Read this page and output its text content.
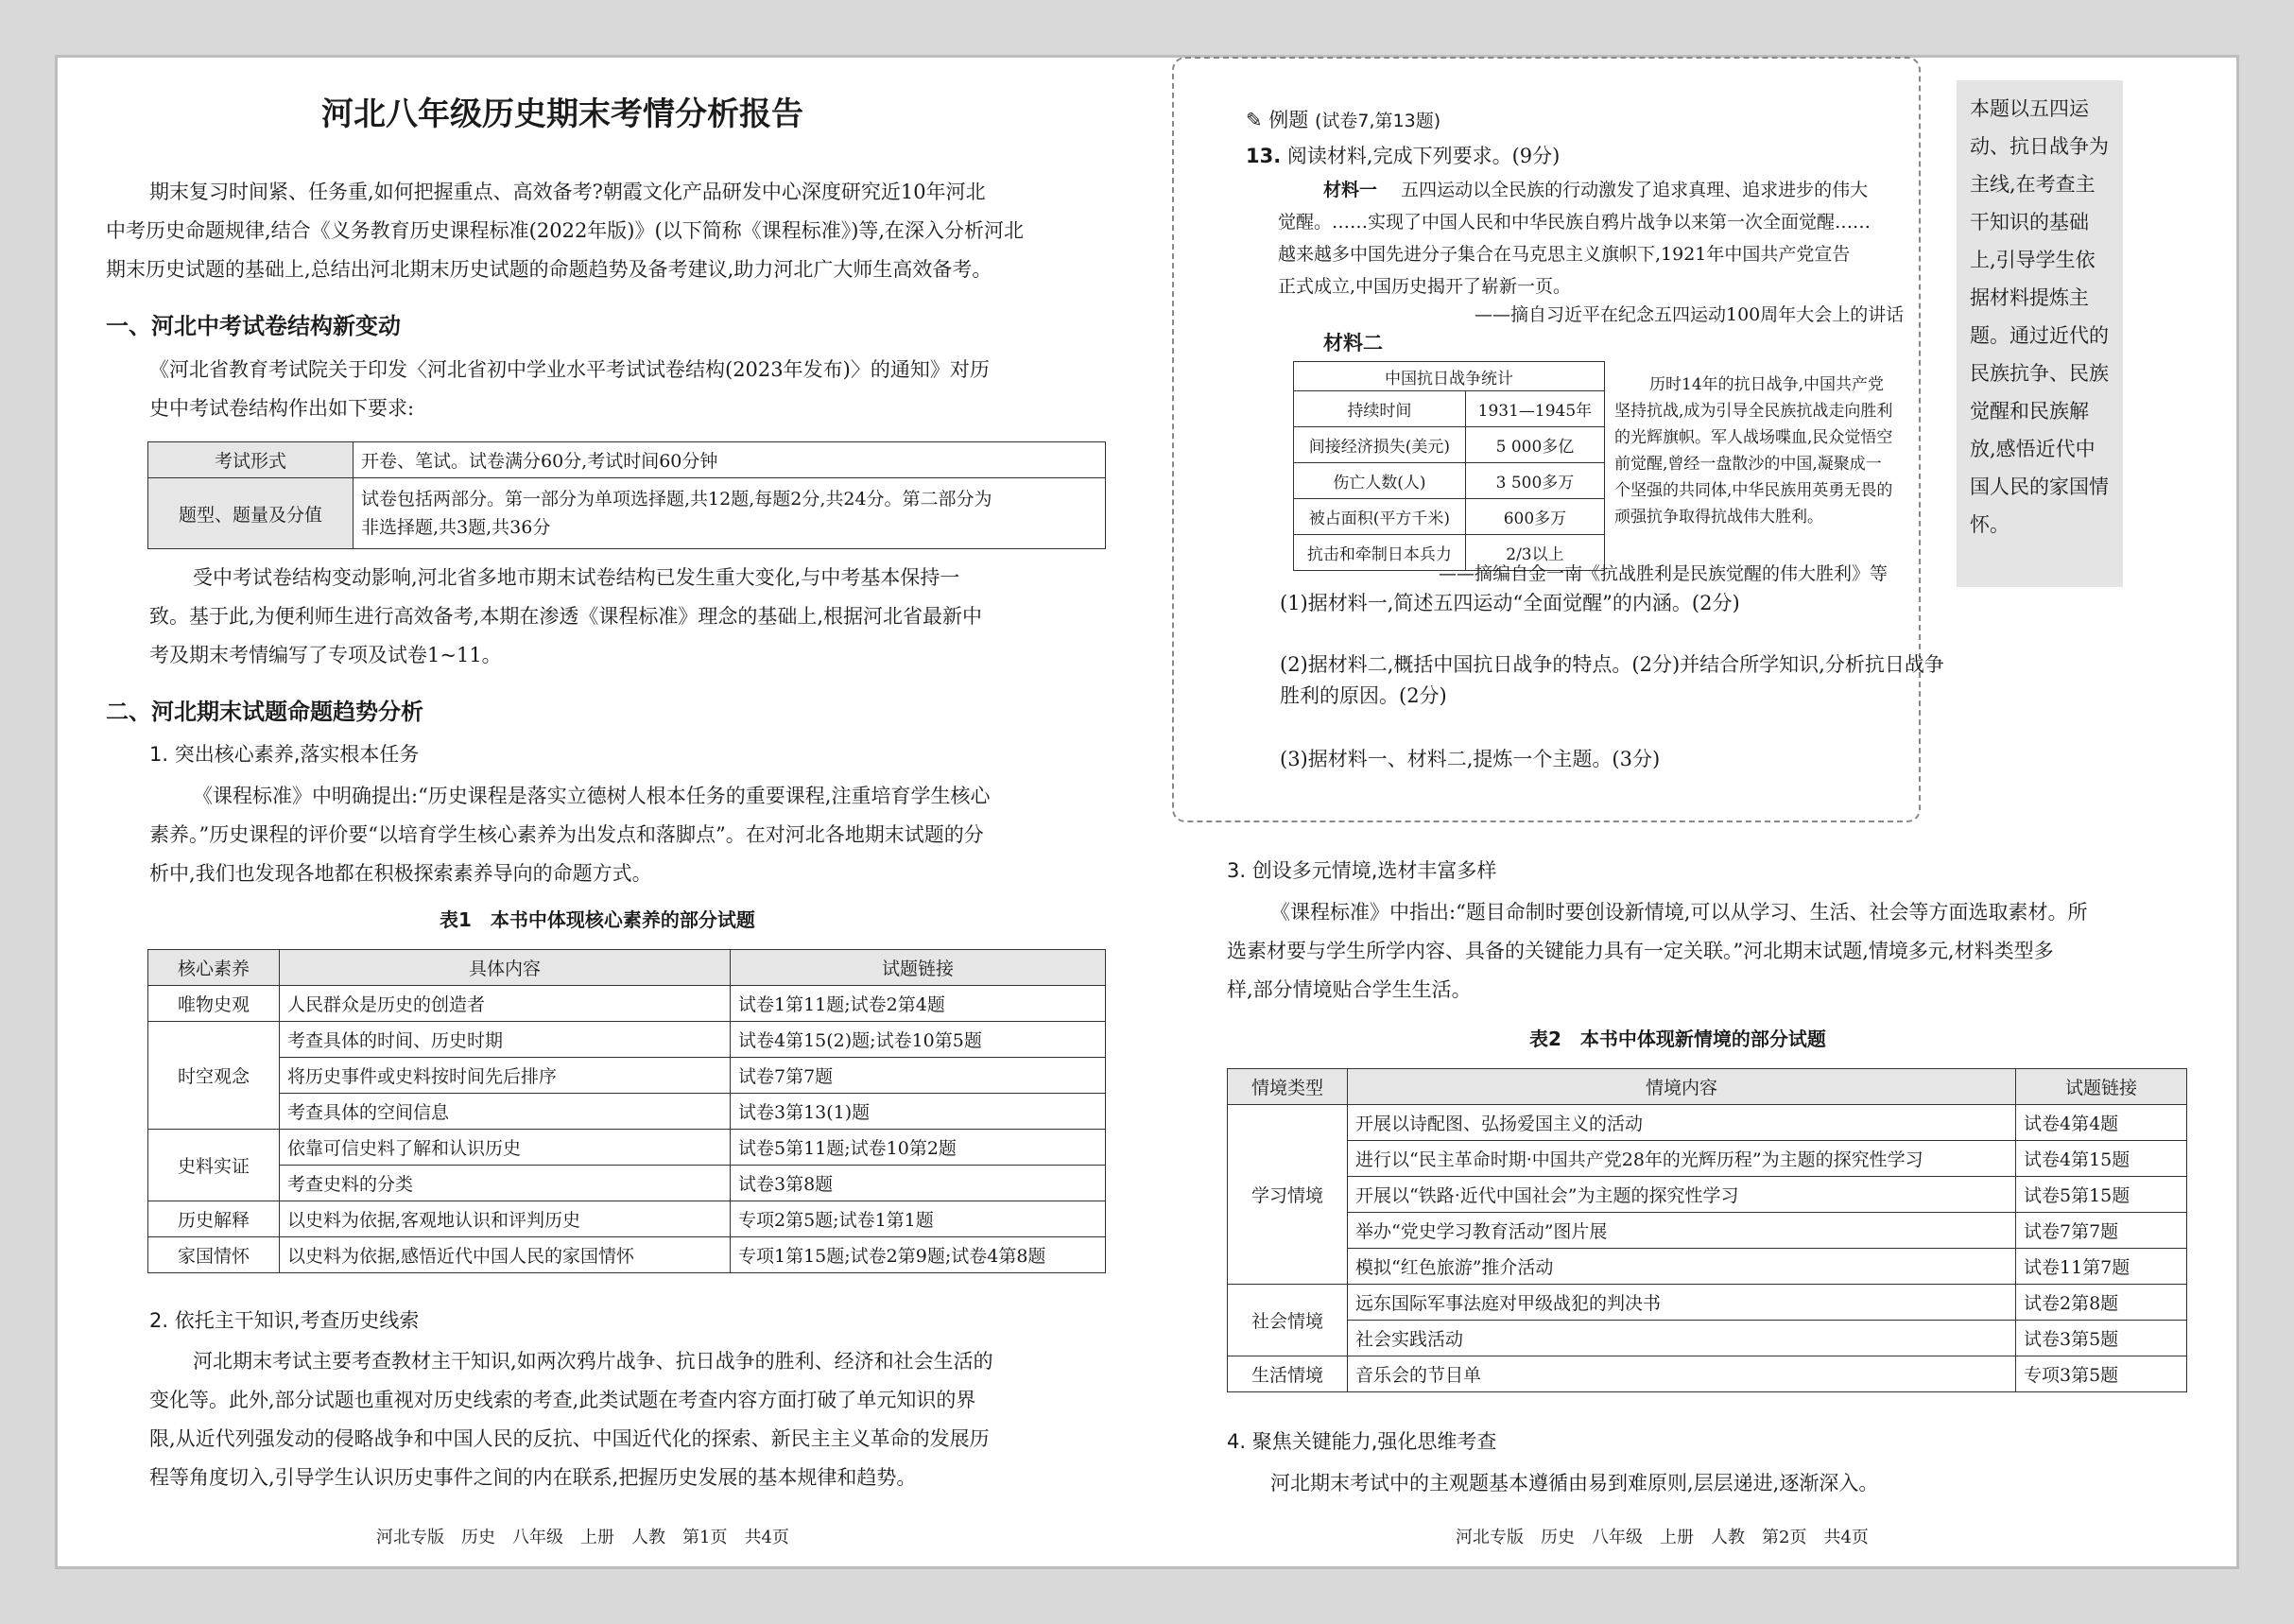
河北八年级历史期末考情分析报告
期末复习时间紧、任务重,如何把握重点、高效备考?朝霞文化产品研发中心深度研究近10年河北
中考历史命题规律,结合《义务教育历史课程标准(2022年版)》(以下简称《课程标准》)等,在深入分析河北
期末历史试题的基础上,总结出河北期末历史试题的命题趋势及备考建议,助力河北广大师生高效备考。
一、河北中考试卷结构新变动
《河北省教育考试院关于印发〈河北省初中学业水平考试试卷结构(2023年发布)〉的通知》对历
史中考试卷结构作出如下要求:
考试形式	开卷、笔试。试卷满分60分,考试时间60分钟
题型、题量及分值	试卷包括两部分。第一部分为单项选择题,共12题,每题2分,共24分。第二部分为
非选择题,共3题,共36分
受中考试卷结构变动影响,河北省多地市期末试卷结构已发生重大变化,与中考基本保持一
致。基于此,为便利师生进行高效备考,本期在渗透《课程标准》理念的基础上,根据河北省最新中
考及期末考情编写了专项及试卷1~11。
二、河北期末试题命题趋势分析
1. 突出核心素养,落实根本任务
《课程标准》中明确提出:“历史课程是落实立德树人根本任务的重要课程,注重培育学生核心
素养。”历史课程的评价要“以培育学生核心素养为出发点和落脚点”。在对河北各地期末试题的分
析中,我们也发现各地都在积极探索素养导向的命题方式。
表1　本书中体现核心素养的部分试题
核心素养	具体内容	试题链接
唯物史观	人民群众是历史的创造者	试卷1第11题;试卷2第4题
时空观念	考查具体的时间、历史时期	试卷4第15(2)题;试卷10第5题
	将历史事件或史料按时间先后排序	试卷7第7题
	考查具体的空间信息	试卷3第13(1)题
史料实证	依靠可信史料了解和认识历史	试卷5第11题;试卷10第2题
	考查史料的分类	试卷3第8题
历史解释	以史料为依据,客观地认识和评判历史	专项2第5题;试卷1第1题
家国情怀	以史料为依据,感悟近代中国人民的家国情怀	专项1第15题;试卷2第9题;试卷4第8题
2. 依托主干知识,考查历史线索
河北期末考试主要考查教材主干知识,如两次鸦片战争、抗日战争的胜利、经济和社会生活的
变化等。此外,部分试题也重视对历史线索的考查,此类试题在考查内容方面打破了单元知识的界
限,从近代列强发动的侵略战争和中国人民的反抗、中国近代化的探索、新民主主义革命的发展历
程等角度切入,引导学生认识历史事件之间的内在联系,把握历史发展的基本规律和趋势。
河北专版　历史　八年级　上册　人教　第1页　共4页
✎ 例题 (试卷7,第13题)
13. 阅读材料,完成下列要求。(9分)
材料一　 五四运动以全民族的行动激发了追求真理、追求进步的伟大
觉醒。……实现了中国人民和中华民族自鸦片战争以来第一次全面觉醒……
越来越多中国先进分子集合在马克思主义旗帜下,1921年中国共产党宣告
正式成立,中国历史揭开了崭新一页。
——摘自习近平在纪念五四运动100周年大会上的讲话
材料二
中国抗日战争统计	
持续时间	1931—1945年
间接经济损失(美元)	5 000多亿
伤亡人数(人)	3 500多万
被占面积(平方千米)	600多万
抗击和牵制日本兵力	2/3以上
历时14年的抗日战争,中国共产党
坚持抗战,成为引导全民族抗战走向胜利
的光辉旗帜。军人战场喋血,民众觉悟空
前觉醒,曾经一盘散沙的中国,凝聚成一
个坚强的共同体,中华民族用英勇无畏的
顽强抗争取得抗战伟大胜利。
——摘编自金一南《抗战胜利是民族觉醒的伟大胜利》等
(1)据材料一,简述五四运动“全面觉醒”的内涵。(2分)
(2)据材料二,概括中国抗日战争的特点。(2分)并结合所学知识,分析抗日战争
胜利的原因。(2分)
(3)据材料一、材料二,提炼一个主题。(3分)
本题以五四运动、抗日战争为主线,在考查主干知识的基础上,引导学生依据材料提炼主题。通过近代的民族抗争、民族觉醒和民族解放,感悟近代中国人民的家国情怀。
3. 创设多元情境,选材丰富多样
《课程标准》中指出:“题目命制时要创设新情境,可以从学习、生活、社会等方面选取素材。所
选素材要与学生所学内容、具备的关键能力具有一定关联。”河北期末试题,情境多元,材料类型多
样,部分情境贴合学生生活。
表2　本书中体现新情境的部分试题
情境类型	情境内容	试题链接
学习情境	开展以诗配图、弘扬爱国主义的活动	试卷4第4题
	进行以“民主革命时期·中国共产党28年的光辉历程”为主题的探究性学习	试卷4第15题
	开展以“铁路·近代中国社会”为主题的探究性学习	试卷5第15题
	举办“党史学习教育活动”图片展	试卷7第7题
	模拟“红色旅游”推介活动	试卷11第7题
社会情境	远东国际军事法庭对甲级战犯的判决书	试卷2第8题
	社会实践活动	试卷3第5题
生活情境	音乐会的节目单	专项3第5题
4. 聚焦关键能力,强化思维考查
河北期末考试中的主观题基本遵循由易到难原则,层层递进,逐渐深入。
河北专版　历史　八年级　上册　人教　第2页　共4页
